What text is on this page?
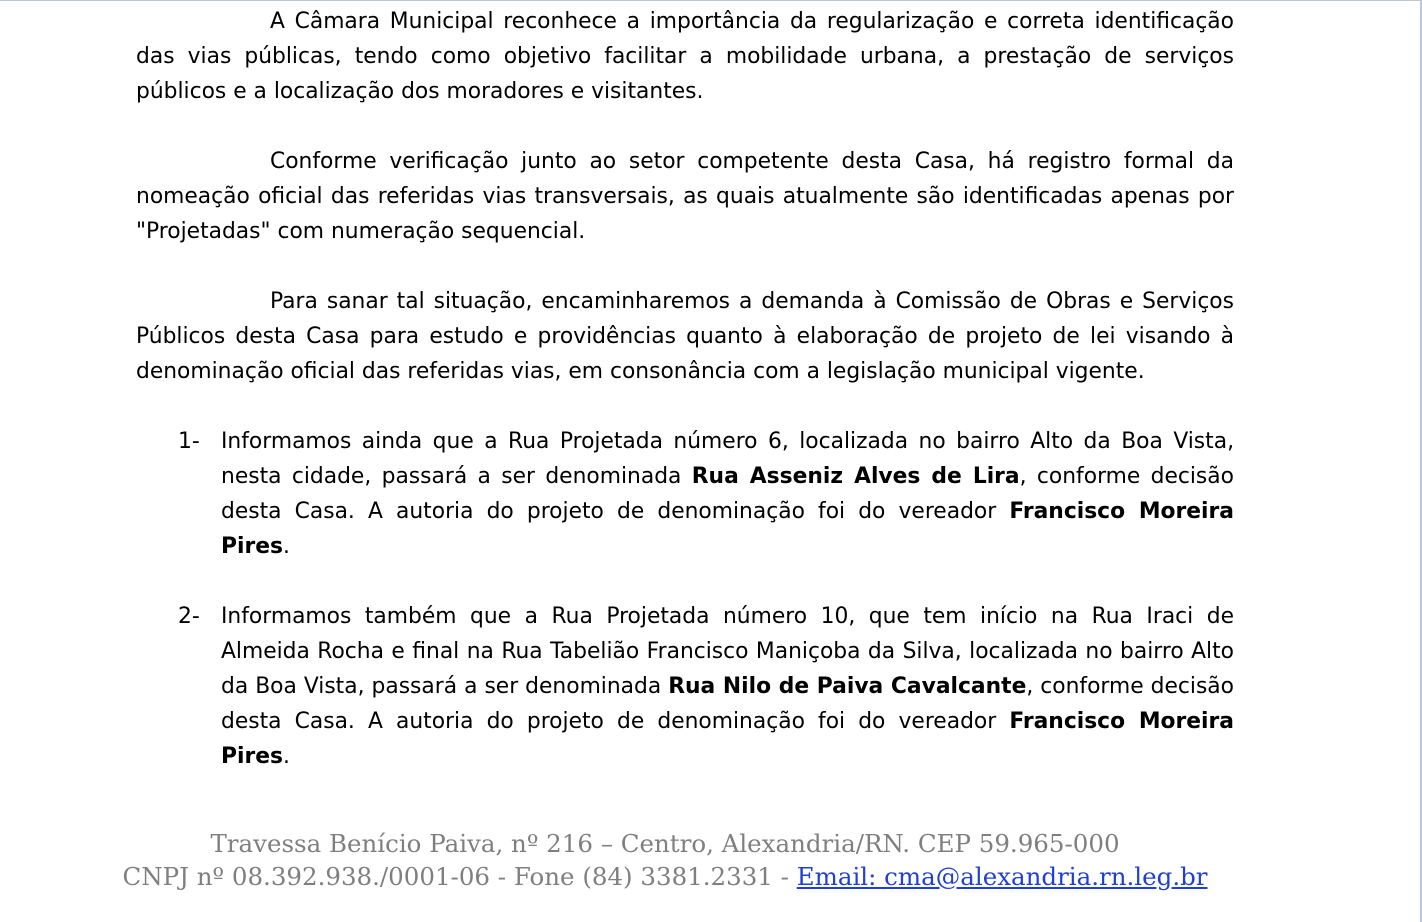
A Câmara Municipal reconhece a importância da regularização e correta identificação das vias públicas, tendo como objetivo facilitar a mobilidade urbana, a prestação de serviços públicos e a localização dos moradores e visitantes.

Conforme verificação junto ao setor competente desta Casa, há registro formal da nomeação oficial das referidas vias transversais, as quais atualmente são identificadas apenas por "Projetadas" com numeração sequencial.

Para sanar tal situação, encaminharemos a demanda à Comissão de Obras e Serviços Públicos desta Casa para estudo e providências quanto à elaboração de projeto de lei visando à denominação oficial das referidas vias, em consonância com a legislação municipal vigente.

1- Informamos ainda que a Rua Projetada número 6, localizada no bairro Alto da Boa Vista, nesta cidade, passará a ser denominada Rua Asseniz Alves de Lira, conforme decisão desta Casa. A autoria do projeto de denominação foi do vereador Francisco Moreira Pires.
2- Informamos também que a Rua Projetada número 10, que tem início na Rua Iraci de Almeida Rocha e final na Rua Tabelião Francisco Maniçoba da Silva, localizada no bairro Alto da Boa Vista, passará a ser denominada Rua Nilo de Paiva Cavalcante, conforme decisão desta Casa. A autoria do projeto de denominação foi do vereador Francisco Moreira Pires.
Travessa Benício Paiva, nº 216 – Centro, Alexandria/RN. CEP 59.965-000
CNPJ nº 08.392.938./0001-06 - Fone (84) 3381.2331 - Email: cma@alexandria.rn.leg.br
